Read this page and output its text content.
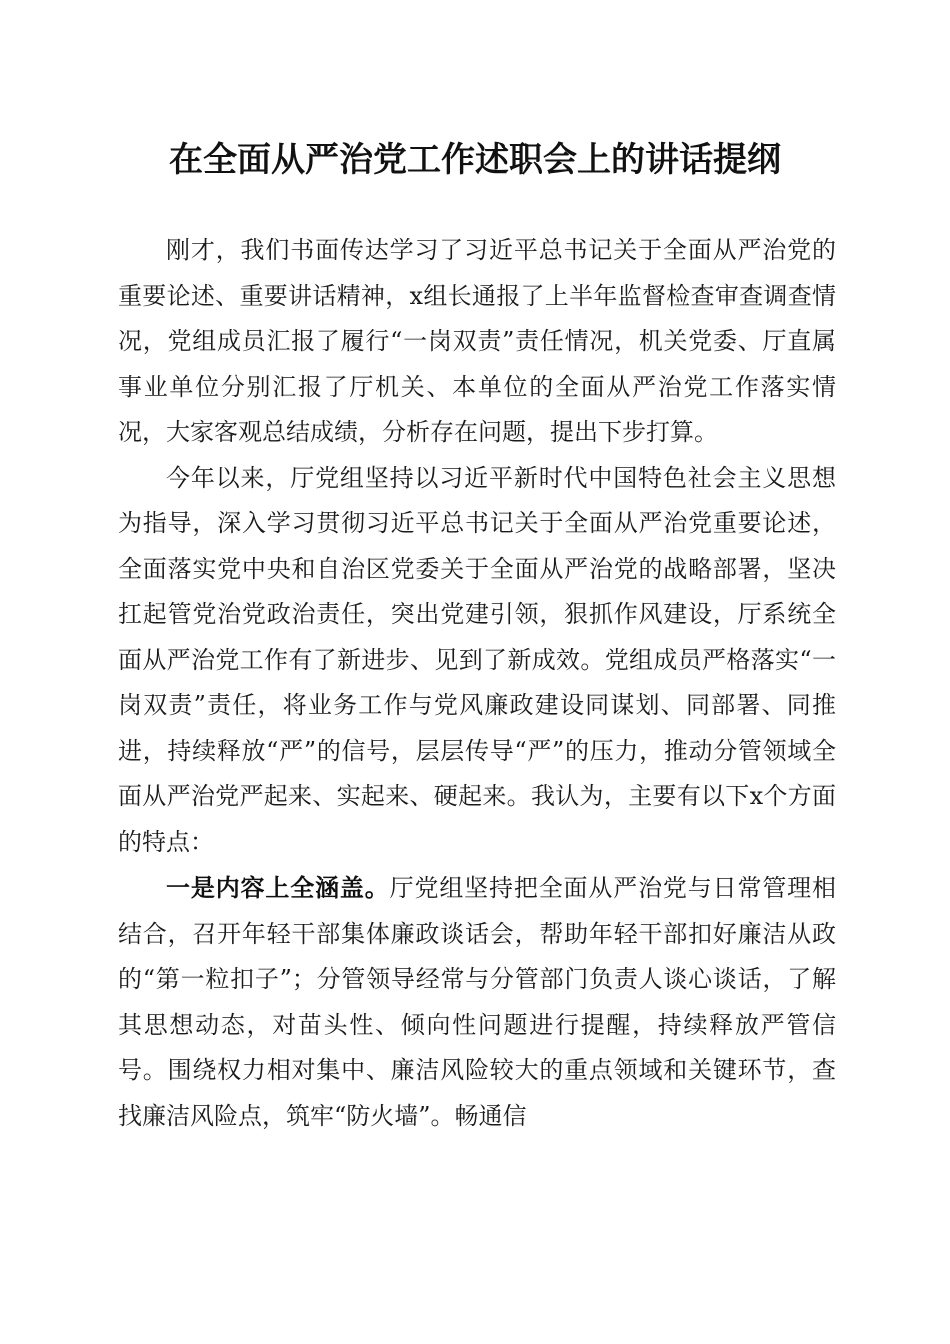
在全面从严治党工作述职会上的讲话提纲

刚才，我们书面传达学习了习近平总书记关于全面从严治党的重要论述、重要讲话精神，x组长通报了上半年监督检查审查调查情况，党组成员汇报了履行“一岗双责”责任情况，机关党委、厅直属事业单位分别汇报了厅机关、本单位的全面从严治党工作落实情况，大家客观总结成绩，分析存在问题，提出下步打算。

今年以来，厅党组坚持以习近平新时代中国特色社会主义思想为指导，深入学习贯彻习近平总书记关于全面从严治党重要论述，全面落实党中央和自治区党委关于全面从严治党的战略部署，坚决扛起管党治党政治责任，突出党建引领，狠抓作风建设，厅系统全面从严治党工作有了新进步、见到了新成效。党组成员严格落实“一岗双责”责任，将业务工作与党风廉政建设同谋划、同部署、同推进，持续释放“严”的信号，层层传导“严”的压力，推动分管领域全面从严治党严起来、实起来、硬起来。我认为，主要有以下x个方面的特点：

一是内容上全涵盖。厅党组坚持把全面从严治党与日常管理相结合，召开年轻干部集体廉政谈话会，帮助年轻干部扣好廉洁从政的“第一粒扣子”；分管领导经常与分管部门负责人谈心谈话，了解其思想动态，对苗头性、倾向性问题进行提醒，持续释放严管信号。围绕权力相对集中、廉洁风险较大的重点领域和关键环节，查找廉洁风险点，筑牢“防火墙”。畅通信
